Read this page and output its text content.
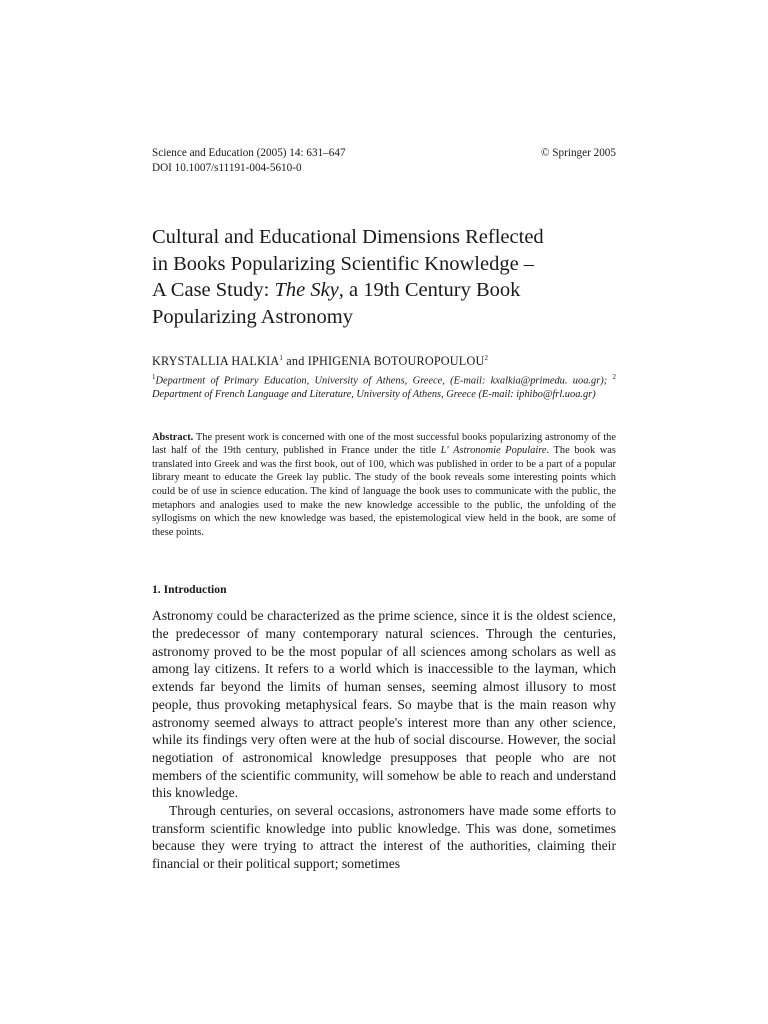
Science and Education (2005) 14: 631–647
DOI 10.1007/s11191-004-5610-0
© Springer 2005
Cultural and Educational Dimensions Reflected
in Books Popularizing Scientific Knowledge –
A Case Study: The Sky, a 19th Century Book
Popularizing Astronomy
KRYSTALLIA HALKIA$^1$ and IPHIGENIA BOTOUROPOULOU$^2$
$^1$Department of Primary Education, University of Athens, Greece, (E-mail: kxalkia@primedu. uoa.gr); $^2$ Department of French Language and Literature, University of Athens, Greece (E-mail: iphibo@frl.uoa.gr)
Abstract. The present work is concerned with one of the most successful books popularizing astronomy of the last half of the 19th century, published in France under the title L' Astronomie Populaire. The book was translated into Greek and was the first book, out of 100, which was published in order to be a part of a popular library meant to educate the Greek lay public. The study of the book reveals some interesting points which could be of use in science education. The kind of language the book uses to communicate with the public, the metaphors and analogies used to make the new knowledge accessible to the public, the unfolding of the syllogisms on which the new knowledge was based, the epistemological view held in the book, are some of these points.
1. Introduction

Astronomy could be characterized as the prime science, since it is the oldest science, the predecessor of many contemporary natural sciences. Through the centuries, astronomy proved to be the most popular of all sciences among scholars as well as among lay citizens. It refers to a world which is inaccessible to the layman, which extends far beyond the limits of human senses, seeming almost illusory to most people, thus provoking metaphysical fears. So maybe that is the main reason why astronomy seemed always to attract people's interest more than any other science, while its findings very often were at the hub of social discourse. However, the social negotiation of astronomical knowledge presupposes that people who are not members of the scientific community, will somehow be able to reach and understand this knowledge.

Through centuries, on several occasions, astronomers have made some efforts to transform scientific knowledge into public knowledge. This was done, sometimes because they were trying to attract the interest of the authorities, claiming their financial or their political support; sometimes
